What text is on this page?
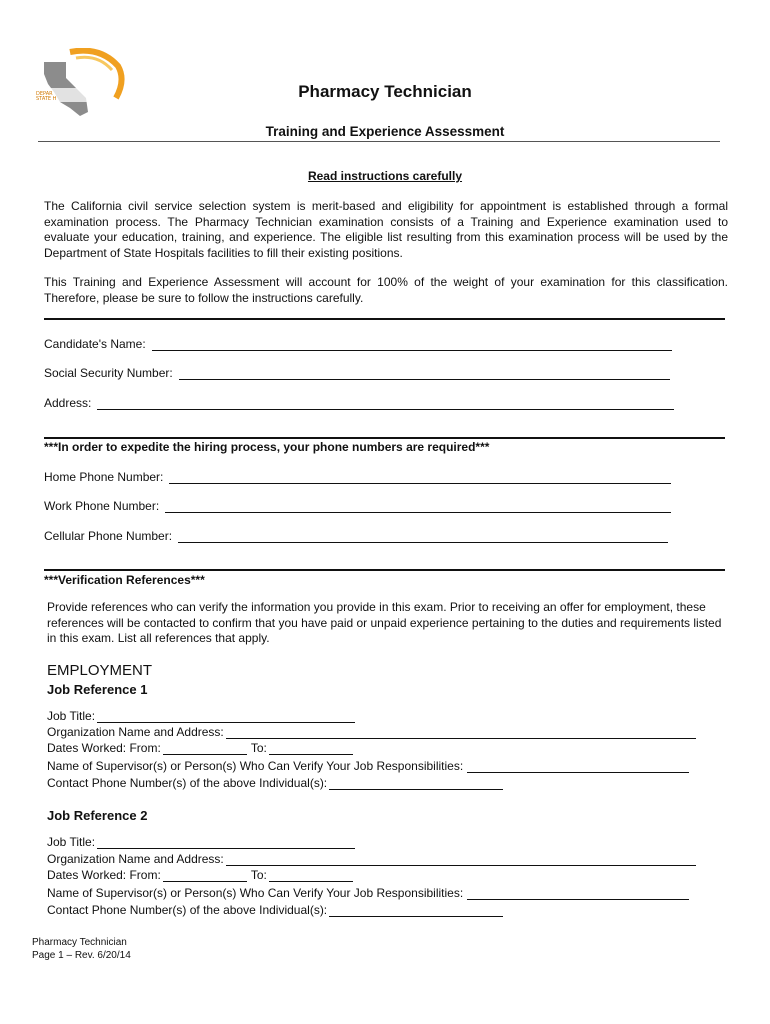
DEPAR
STATE H	Pharmacy Technician
Training and Experience Assessment
Read instructions carefully
The California civil service selection system is merit-based and eligibility for appointment is established through a formal examination process. The Pharmacy Technician examination consists of a Training and Experience examination used to evaluate your education, training, and experience. The eligible list resulting from this examination process will be used by the Department of State Hospitals facilities to fill their existing positions.
This Training and Experience Assessment will account for 100% of the weight of your examination for this classification. Therefore, please be sure to follow the instructions carefully.
Candidate's Name:
Social Security Number:
Address:
***In order to expedite the hiring process, your phone numbers are required***
Home Phone Number:
Work Phone Number:
Cellular Phone Number:
***Verification References***
Provide references who can verify the information you provide in this exam. Prior to receiving an offer for employment, these references will be contacted to confirm that you have paid or unpaid experience pertaining to the duties and requirements listed in this exam. List all references that apply.
EMPLOYMENT
Job Reference 1
Job Title:
Organization Name and Address:
Dates Worked: From:	To:
Name of Supervisor(s) or Person(s) Who Can Verify Your Job Responsibilities:
Contact Phone Number(s) of the above Individual(s):
Job Reference 2
Job Title:
Organization Name and Address:
Dates Worked: From:	To:
Name of Supervisor(s) or Person(s) Who Can Verify Your Job Responsibilities:
Contact Phone Number(s) of the above Individual(s):
Pharmacy Technician
Page 1 – Rev. 6/20/14
